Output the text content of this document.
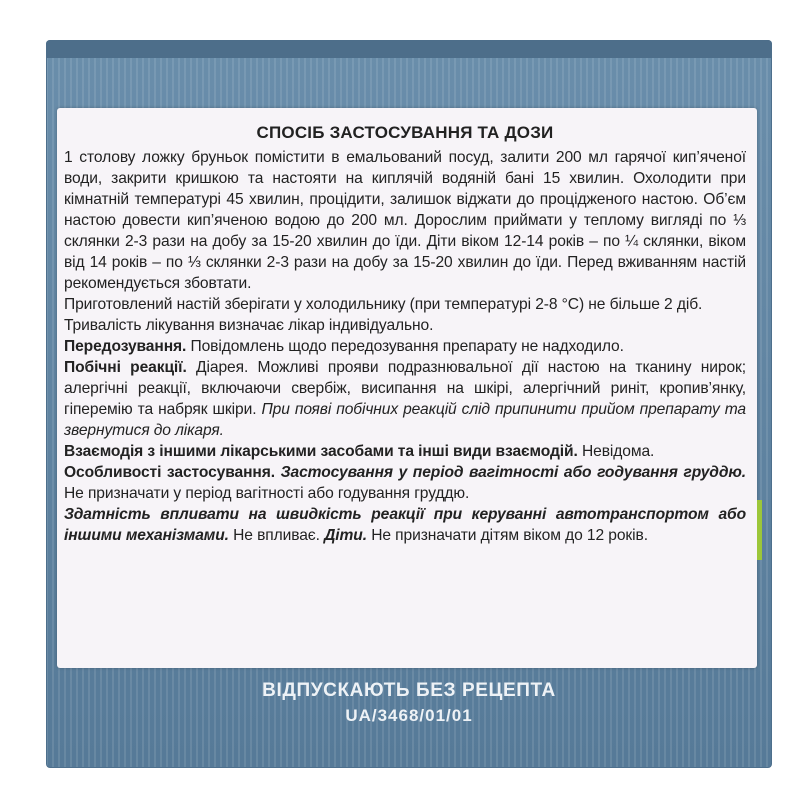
СПОСІБ ЗАСТОСУВАННЯ ТА ДОЗИ

1 столову ложку бруньок помістити в емальований посуд, залити 200 мл гарячої кип’яченої води, закрити кришкою та настояти на киплячій водяній бані 15 хвилин. Охолодити при кімнатній температурі 45 хвилин, процідити, залишок віджати до процідженого настою. Об’єм настою довести кип’яченою водою до 200 мл. Дорослим приймати у теплому вигляді по ⅓ склянки 2-3 рази на добу за 15-20 хвилин до їди. Діти віком 12-14 років – по ¼ склянки, віком від 14 років – по ⅓ склянки 2-3 рази на добу за 15-20 хвилин до їди. Перед вживанням настій рекомендується збовтати.

Приготовлений настій зберігати у холодильнику (при температурі 2-8 °С) не більше 2 діб.

Тривалість лікування визначає лікар індивідуально.

Передозування. Повідомлень щодо передозування препарату не надходило.

Побічні реакції. Діарея. Можливі прояви подразнювальної дії настою на тканину нирок; алергічні реакції, включаючи свербіж, висипання на шкірі, алергічний риніт, кропив’янку, гіперемію та набряк шкіри. При появі побічних реакцій слід припинити прийом препарату та звернутися до лікаря.

Взаємодія з іншими лікарськими засобами та інші види взаємодій. Невідома.

Особливості застосування. Застосування у період вагітності або годування груддю. Не призначати у період вагітності або годування груддю.

Здатність впливати на швидкість реакції при керуванні автотранспортом або іншими механізмами. Не впливає. Діти. Не призначати дітям віком до 12 років.

ВІДПУСКАЮТЬ БЕЗ РЕЦЕПТА
UA/3468/01/01
